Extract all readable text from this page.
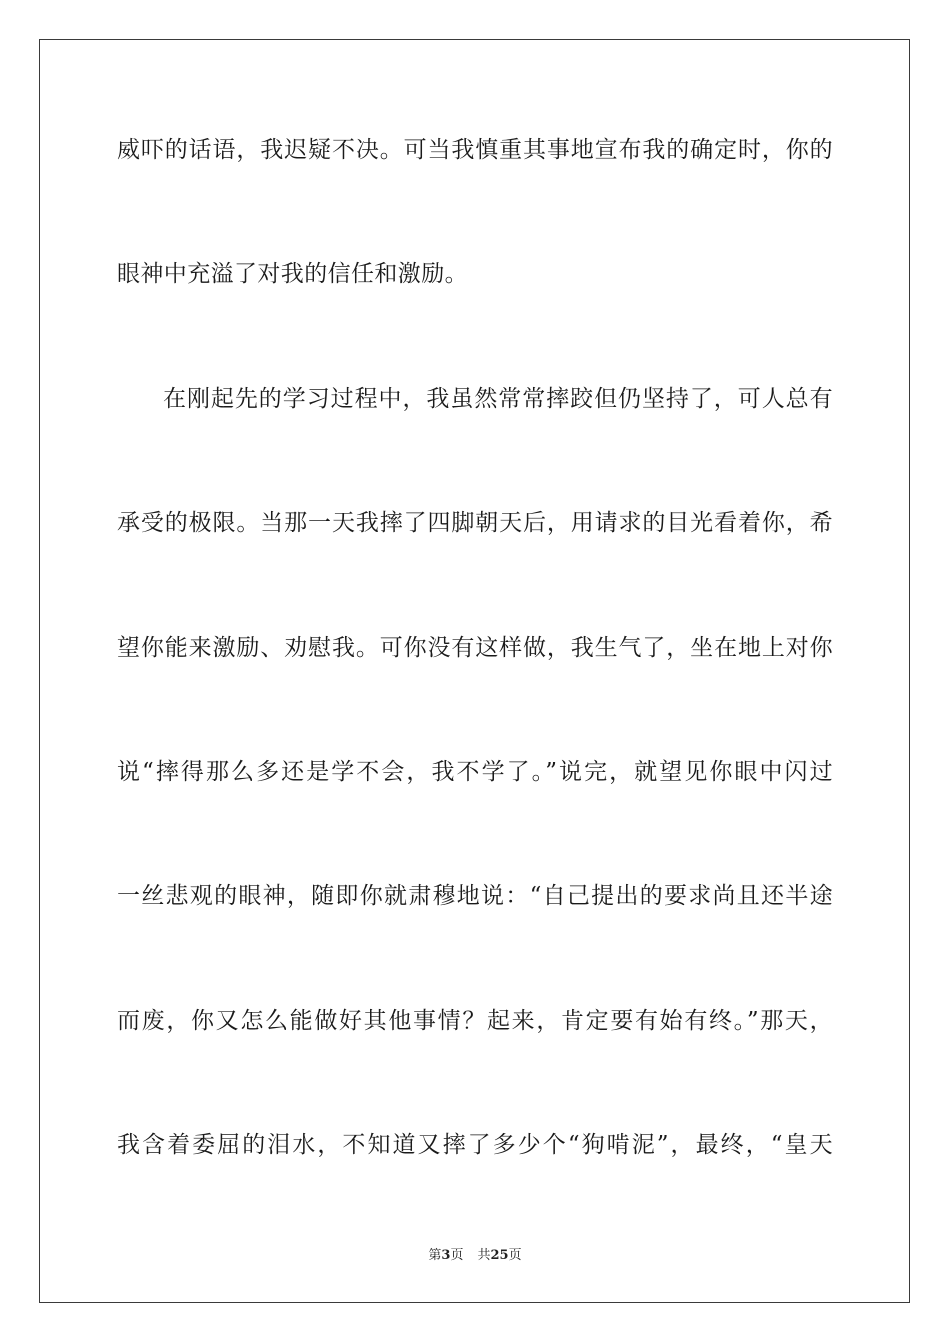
威吓的话语，我迟疑不决。可当我慎重其事地宣布我的确定时，你的
眼神中充溢了对我的信任和激励。
在刚起先的学习过程中，我虽然常常摔跤但仍坚持了，可人总有
承受的极限。当那一天我摔了四脚朝天后，用请求的目光看着你，希
望你能来激励、劝慰我。可你没有这样做，我生气了，坐在地上对你
说“摔得那么多还是学不会，我不学了。”说完，就望见你眼中闪过
一丝悲观的眼神，随即你就肃穆地说：“自己提出的要求尚且还半途
而废，你又怎么能做好其他事情？起来，肯定要有始有终。”那天，
我含着委屈的泪水，不知道又摔了多少个“狗啃泥”，最终，“皇天
第3页 共25页
